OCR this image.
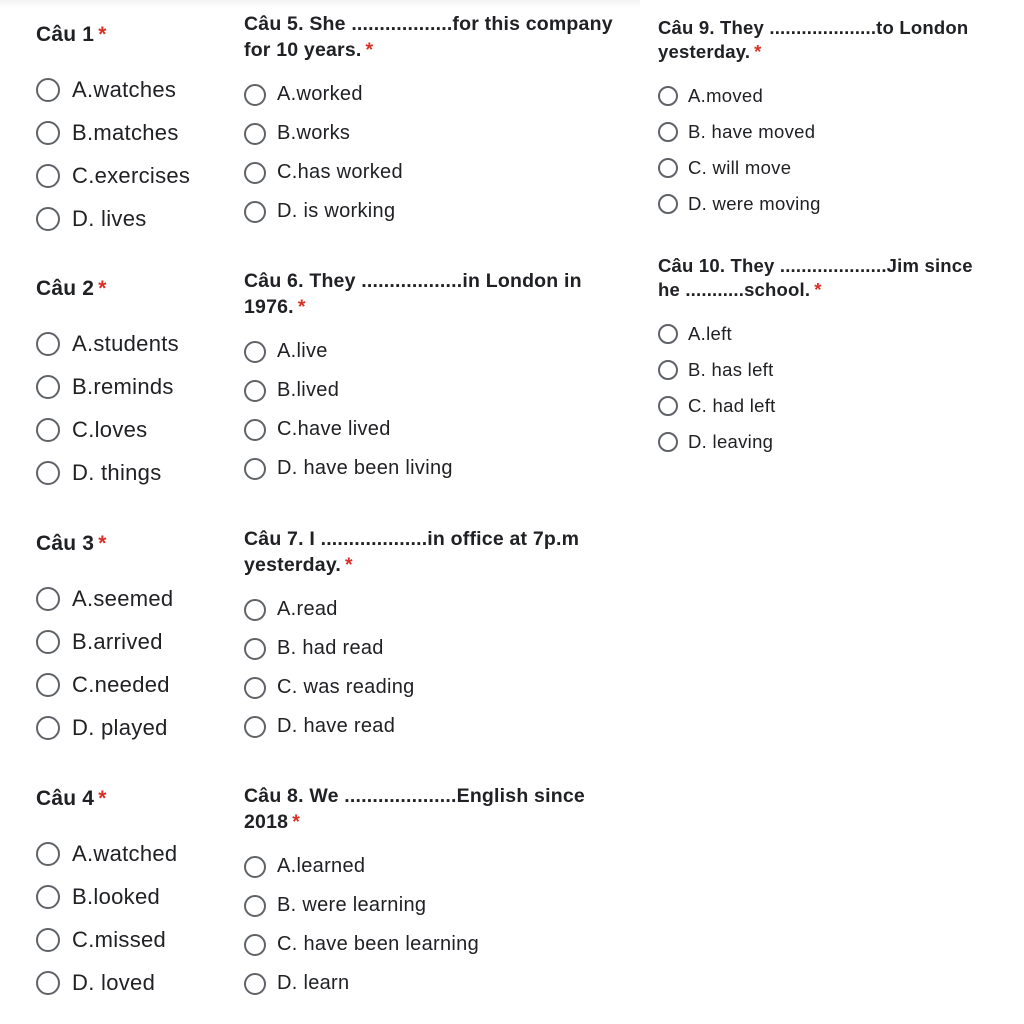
Câu 1 *
A.watches
B.matches
C.exercises
D. lives
Câu 2 *
A.students
B.reminds
C.loves
D. things
Câu 3 *
A.seemed
B.arrived
C.needed
D. played
Câu 4 *
A.watched
B.looked
C.missed
D. loved
Câu 5. She ..................for this company for 10 years. *
A.worked
B.works
C.has worked
D. is working
Câu 6. They ..................in London in 1976. *
A.live
B.lived
C.have lived
D. have been living
Câu 7. I ...................in office at 7p.m yesterday. *
A.read
B. had read
C. was reading
D. have read
Câu 8. We ....................English since 2018 *
A.learned
B. were learning
C. have been learning
D. learn
Câu 9. They ....................to London yesterday. *
A.moved
B. have moved
C. will move
D. were moving
Câu 10. They ....................Jim since he ...........school. *
A.left
B. has left
C. had left
D. leaving
